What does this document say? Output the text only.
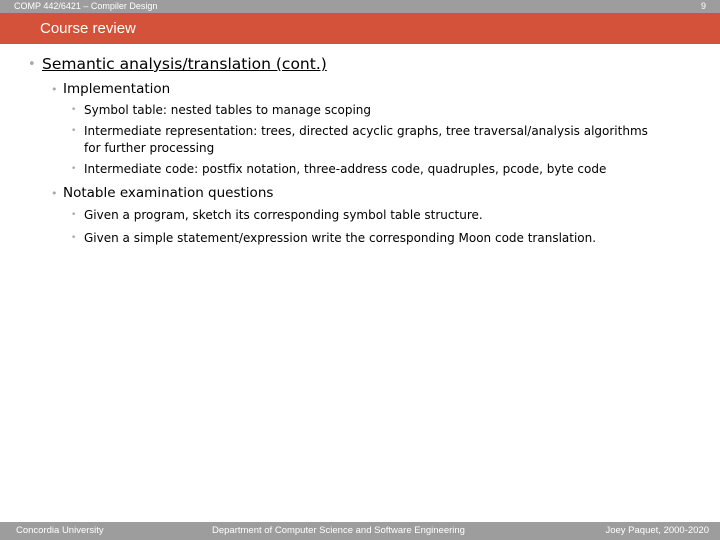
COMP 442/6421 – Compiler Design	9
Course review
• Semantic analysis/translation (cont.)
• Implementation
• Symbol table: nested tables to manage scoping
• Intermediate representation: trees, directed acyclic graphs, tree traversal/analysis algorithms
for further processing
• Intermediate code: postfix notation, three-address code, quadruples, pcode, byte code
• Notable examination questions
• Given a program, sketch its corresponding symbol table structure.
• Given a simple statement/expression write the corresponding Moon code translation.
Concordia University	Department of Computer Science and Software Engineering	Joey Paquet, 2000-2020
